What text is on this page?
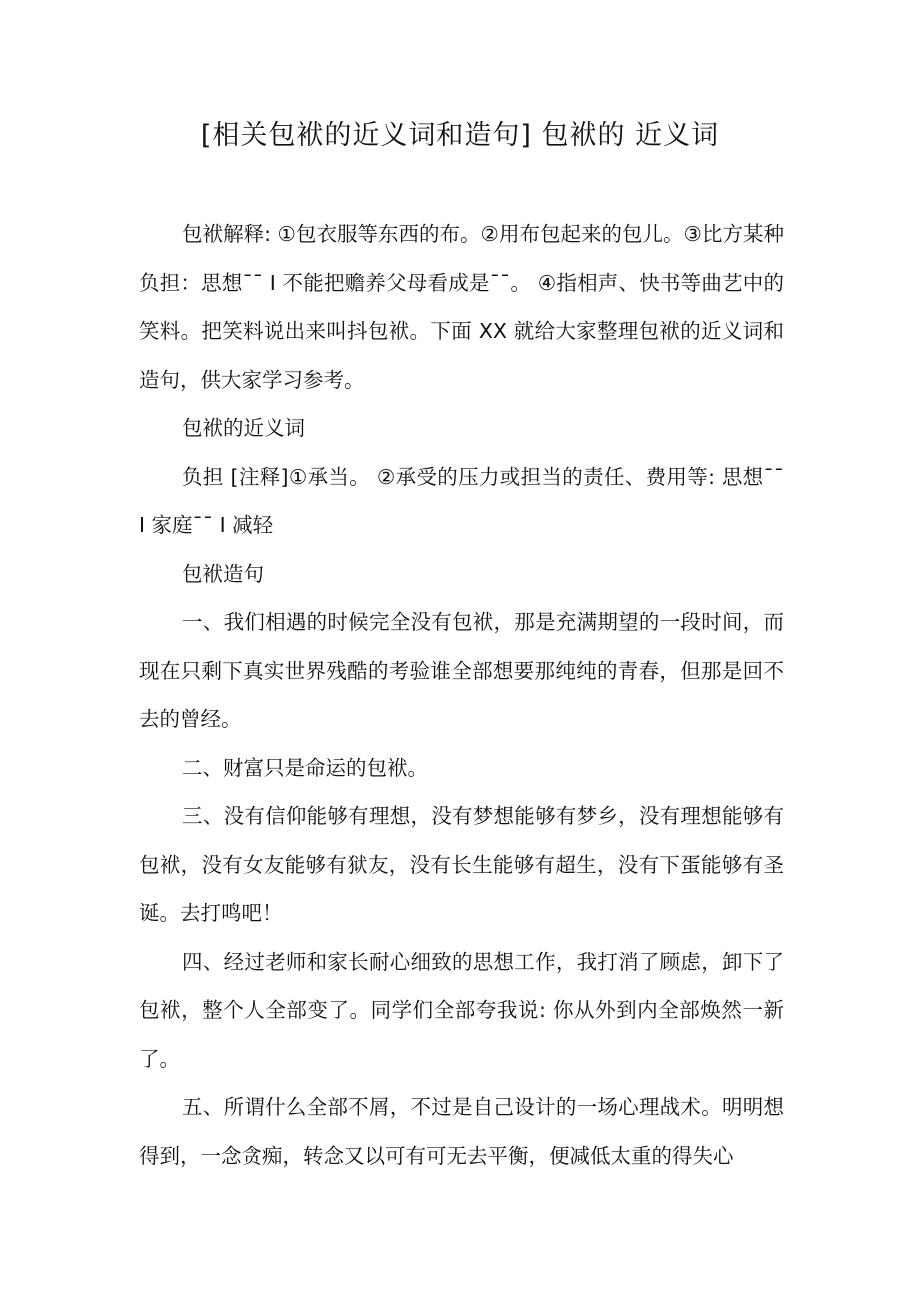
[相关包袱的近义词和造句] 包袱的 近义词

包袱解释: ①包衣服等东西的布。②用布包起来的包儿。③比方某种负担：思想¯¯ I 不能把赡养父母看成是¯¯。 ④指相声、快书等曲艺中的笑料。把笑料说出来叫抖包袱。下面 XX 就给大家整理包袱的近义词和造句，供大家学习参考。

包袱的近义词

负担 [注释]①承当。 ②承受的压力或担当的责任、费用等: 思想¯¯ I 家庭¯¯ I 减轻

包袱造句

一、我们相遇的时候完全没有包袱，那是充满期望的一段时间，而现在只剩下真实世界残酷的考验谁全部想要那纯纯的青春，但那是回不去的曾经。

二、财富只是命运的包袱。

三、没有信仰能够有理想，没有梦想能够有梦乡，没有理想能够有包袱，没有女友能够有狱友，没有长生能够有超生，没有下蛋能够有圣诞。去打鸣吧！

四、经过老师和家长耐心细致的思想工作，我打消了顾虑，卸下了包袱，整个人全部变了。同学们全部夸我说: 你从外到内全部焕然一新了。

五、所谓什么全部不屑，不过是自己设计的一场心理战术。明明想得到，一念贪痴，转念又以可有可无去平衡，便减低太重的得失心
